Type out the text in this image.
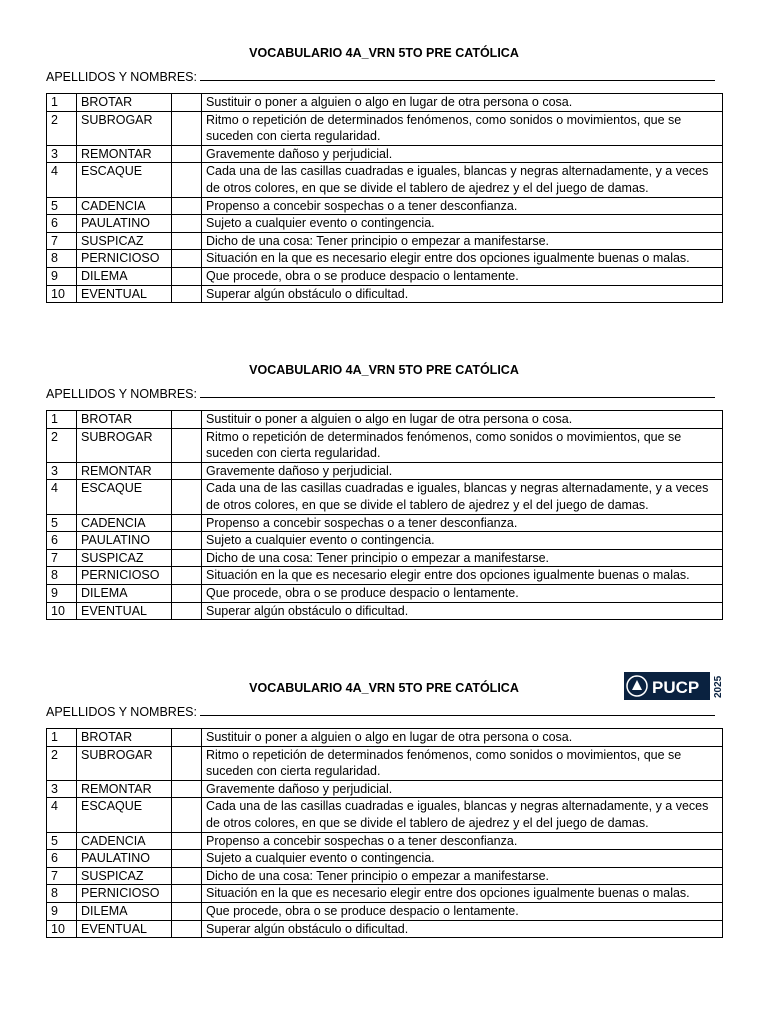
VOCABULARIO 4A_VRN 5TO PRE CATÓLICA
APELLIDOS Y NOMBRES:
1	BROTAR		Sustituir o poner a alguien o algo en lugar de otra persona o cosa.
2	SUBROGAR		Ritmo o repetición de determinados fenómenos, como sonidos o movimientos, que se suceden con cierta regularidad.
3	REMONTAR		Gravemente dañoso y perjudicial.
4	ESCAQUE		Cada una de las casillas cuadradas e iguales, blancas y negras alternadamente, y a veces de otros colores, en que se divide el tablero de ajedrez y el del juego de damas.
5	CADENCIA		Propenso a concebir sospechas o a tener desconfianza.
6	PAULATINO		Sujeto a cualquier evento o contingencia.
7	SUSPICAZ		Dicho de una cosa: Tener principio o empezar a manifestarse.
8	PERNICIOSO		Situación en la que es necesario elegir entre dos opciones igualmente buenas o malas.
9	DILEMA		Que procede, obra o se produce despacio o lentamente.
10	EVENTUAL		Superar algún obstáculo o dificultad.
VOCABULARIO 4A_VRN 5TO PRE CATÓLICA
APELLIDOS Y NOMBRES:
1	BROTAR		Sustituir o poner a alguien o algo en lugar de otra persona o cosa.
2	SUBROGAR		Ritmo o repetición de determinados fenómenos, como sonidos o movimientos, que se suceden con cierta regularidad.
3	REMONTAR		Gravemente dañoso y perjudicial.
4	ESCAQUE		Cada una de las casillas cuadradas e iguales, blancas y negras alternadamente, y a veces de otros colores, en que se divide el tablero de ajedrez y el del juego de damas.
5	CADENCIA		Propenso a concebir sospechas o a tener desconfianza.
6	PAULATINO		Sujeto a cualquier evento o contingencia.
7	SUSPICAZ		Dicho de una cosa: Tener principio o empezar a manifestarse.
8	PERNICIOSO		Situación en la que es necesario elegir entre dos opciones igualmente buenas o malas.
9	DILEMA		Que procede, obra o se produce despacio o lentamente.
10	EVENTUAL		Superar algún obstáculo o dificultad.
VOCABULARIO 4A_VRN 5TO PRE CATÓLICA
APELLIDOS Y NOMBRES:
1	BROTAR		Sustituir o poner a alguien o algo en lugar de otra persona o cosa.
2	SUBROGAR		Ritmo o repetición de determinados fenómenos, como sonidos o movimientos, que se suceden con cierta regularidad.
3	REMONTAR		Gravemente dañoso y perjudicial.
4	ESCAQUE		Cada una de las casillas cuadradas e iguales, blancas y negras alternadamente, y a veces de otros colores, en que se divide el tablero de ajedrez y el del juego de damas.
5	CADENCIA		Propenso a concebir sospechas o a tener desconfianza.
6	PAULATINO		Sujeto a cualquier evento o contingencia.
7	SUSPICAZ		Dicho de una cosa: Tener principio o empezar a manifestarse.
8	PERNICIOSO		Situación en la que es necesario elegir entre dos opciones igualmente buenas o malas.
9	DILEMA		Que procede, obra o se produce despacio o lentamente.
10	EVENTUAL		Superar algún obstáculo o dificultad.
PUCP 2025
